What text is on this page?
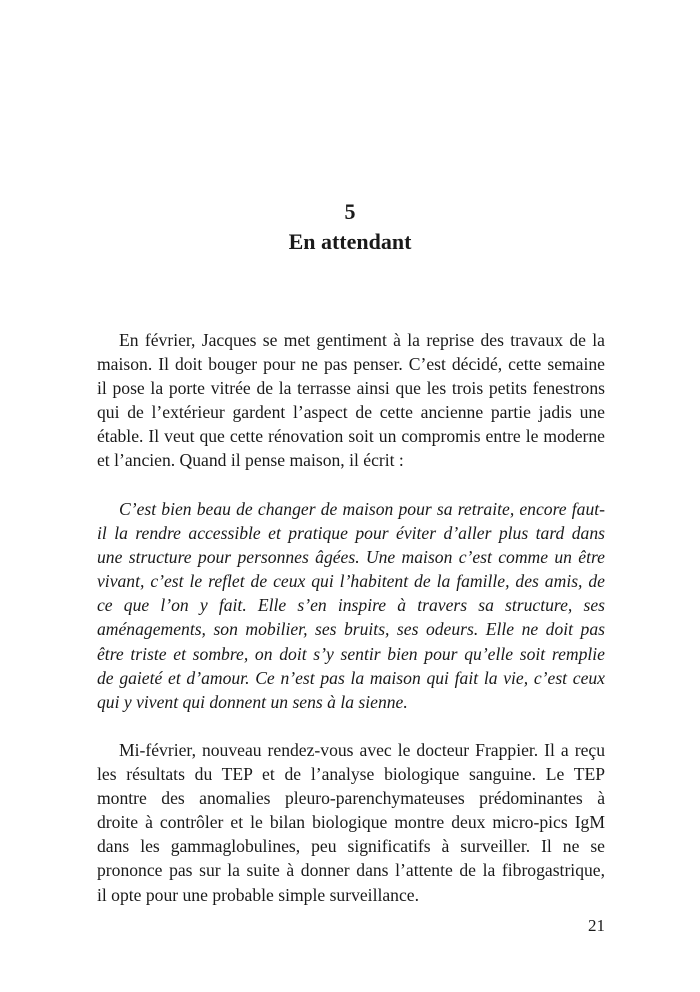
5
En attendant
En février, Jacques se met gentiment à la reprise des travaux de la
maison. Il doit bouger pour ne pas penser. C’est décidé, cette semaine
il pose la porte vitrée de la terrasse ainsi que les trois petits fenestrons
qui de l’extérieur gardent l’aspect de cette ancienne partie jadis une
étable. Il veut que cette rénovation soit un compromis entre le moderne
et l’ancien. Quand il pense maison, il écrit :
C’est bien beau de changer de maison pour sa retraite, encore faut-
il la rendre accessible et pratique pour éviter d’aller plus tard dans
une structure pour personnes âgées. Une maison c’est comme un être
vivant, c’est le reflet de ceux qui l’habitent de la famille, des amis, de
ce que l’on y fait. Elle s’en inspire à travers sa structure, ses
aménagements, son mobilier, ses bruits, ses odeurs. Elle ne doit pas
être triste et sombre, on doit s’y sentir bien pour qu’elle soit remplie
de gaieté et d’amour. Ce n’est pas la maison qui fait la vie, c’est ceux
qui y vivent qui donnent un sens à la sienne.
Mi-février, nouveau rendez-vous avec le docteur Frappier. Il a reçu
les résultats du TEP et de l’analyse biologique sanguine. Le TEP
montre des anomalies pleuro-parenchymateuses prédominantes à
droite à contrôler et le bilan biologique montre deux micro-pics IgM
dans les gammaglobulines, peu significatifs à surveiller. Il ne se
prononce pas sur la suite à donner dans l’attente de la fibrogastrique,
il opte pour une probable simple surveillance.
21
